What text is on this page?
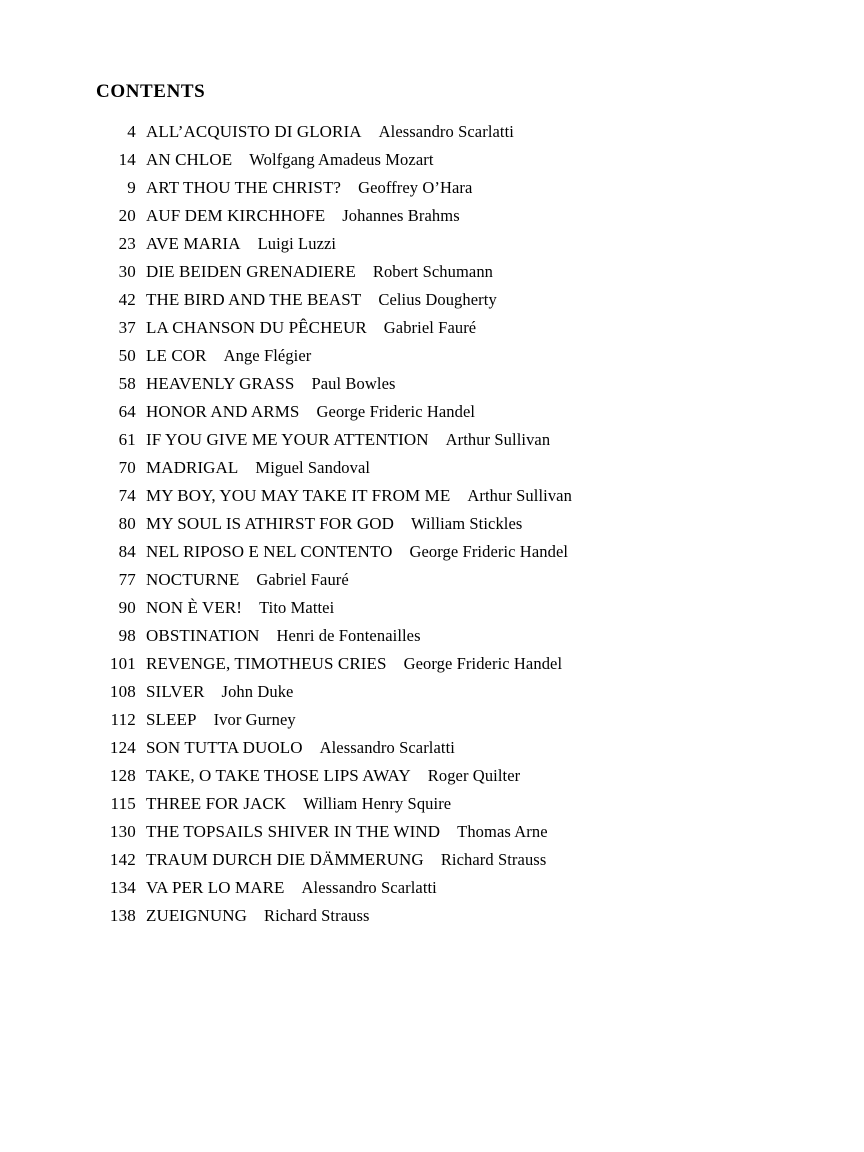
CONTENTS
4 ALL’ACQUISTO DI GLORIA Alessandro Scarlatti
14 AN CHLOE Wolfgang Amadeus Mozart
9 ART THOU THE CHRIST? Geoffrey O’Hara
20 AUF DEM KIRCHHOFE Johannes Brahms
23 AVE MARIA Luigi Luzzi
30 DIE BEIDEN GRENADIERE Robert Schumann
42 THE BIRD AND THE BEAST Celius Dougherty
37 LA CHANSON DU PÊCHEUR Gabriel Fauré
50 LE COR Ange Flégier
58 HEAVENLY GRASS Paul Bowles
64 HONOR AND ARMS George Frideric Handel
61 IF YOU GIVE ME YOUR ATTENTION Arthur Sullivan
70 MADRIGAL Miguel Sandoval
74 MY BOY, YOU MAY TAKE IT FROM ME Arthur Sullivan
80 MY SOUL IS ATHIRST FOR GOD William Stickles
84 NEL RIPOSO E NEL CONTENTO George Frideric Handel
77 NOCTURNE Gabriel Fauré
90 NON È VER! Tito Mattei
98 OBSTINATION Henri de Fontenailles
101 REVENGE, TIMOTHEUS CRIES George Frideric Handel
108 SILVER John Duke
112 SLEEP Ivor Gurney
124 SON TUTTA DUOLO Alessandro Scarlatti
128 TAKE, O TAKE THOSE LIPS AWAY Roger Quilter
115 THREE FOR JACK William Henry Squire
130 THE TOPSAILS SHIVER IN THE WIND Thomas Arne
142 TRAUM DURCH DIE DÄMMERUNG Richard Strauss
134 VA PER LO MARE Alessandro Scarlatti
138 ZUEIGNUNG Richard Strauss
